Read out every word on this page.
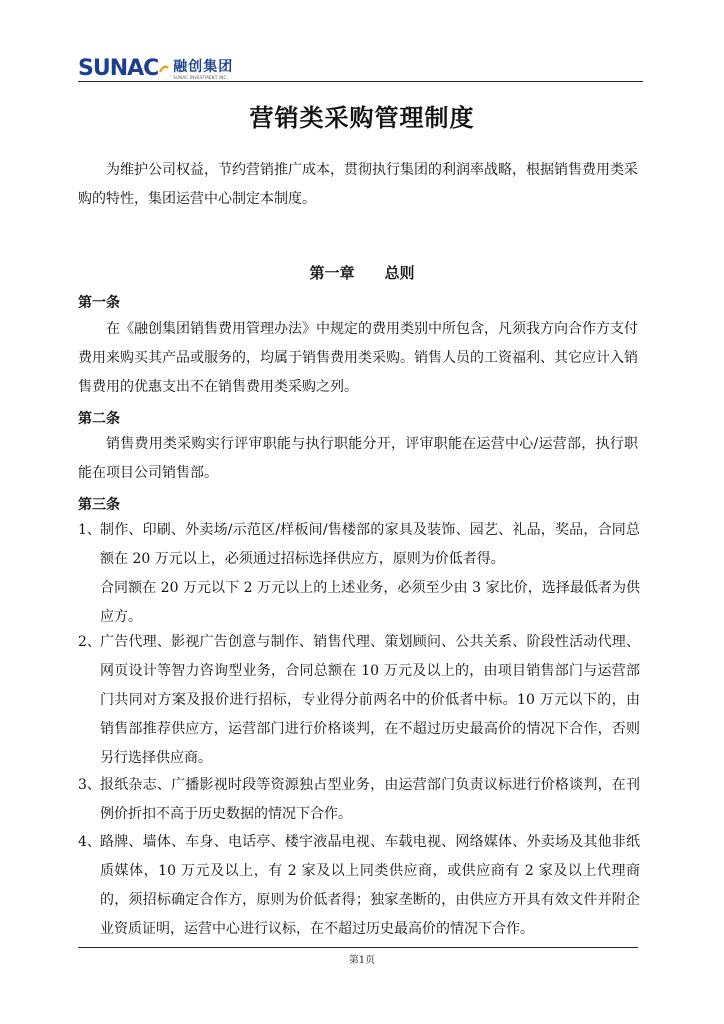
SUNAC 融创集团
SUNAC INVESTMENT INC.
营销类采购管理制度

为维护公司权益，节约营销推广成本，贯彻执行集团的利润率战略，根据销售费用类采购的特性，集团运营中心制定本制度。

第一章　　总则
第一条

在《融创集团销售费用管理办法》中规定的费用类别中所包含，凡须我方向合作方支付费用来购买其产品或服务的，均属于销售费用类采购。销售人员的工资福利、其它应计入销售费用的优惠支出不在销售费用类采购之列。

第二条

销售费用类采购实行评审职能与执行职能分开，评审职能在运营中心/运营部，执行职能在项目公司销售部。

第三条
1、 制作、印刷、外卖场/示范区/样板间/售楼部的家具及装饰、园艺、礼品，奖品，合同总额在 20 万元以上，必须通过招标选择供应方，原则为价低者得。
合同额在 20 万元以下 2 万元以上的上述业务，必须至少由 3 家比价，选择最低者为供应方。
2、 广告代理、影视广告创意与制作、销售代理、策划顾问、公共关系、阶段性活动代理、网页设计等智力咨询型业务，合同总额在 10 万元及以上的，由项目销售部门与运营部门共同对方案及报价进行招标，专业得分前两名中的价低者中标。10 万元以下的，由销售部推荐供应方，运营部门进行价格谈判，在不超过历史最高价的情况下合作，否则另行选择供应商。
3、 报纸杂志、广播影视时段等资源独占型业务，由运营部门负责议标进行价格谈判，在刊例价折扣不高于历史数据的情况下合作。
4、 路牌、墙体、车身、电话亭、楼宇液晶电视、车载电视、网络媒体、外卖场及其他非纸质媒体，10 万元及以上，有 2 家及以上同类供应商，或供应商有 2 家及以上代理商的，须招标确定合作方，原则为价低者得；独家垄断的，由供应方开具有效文件并附企业资质证明，运营中心进行议标，在不超过历史最高价的情况下合作。
第1页
